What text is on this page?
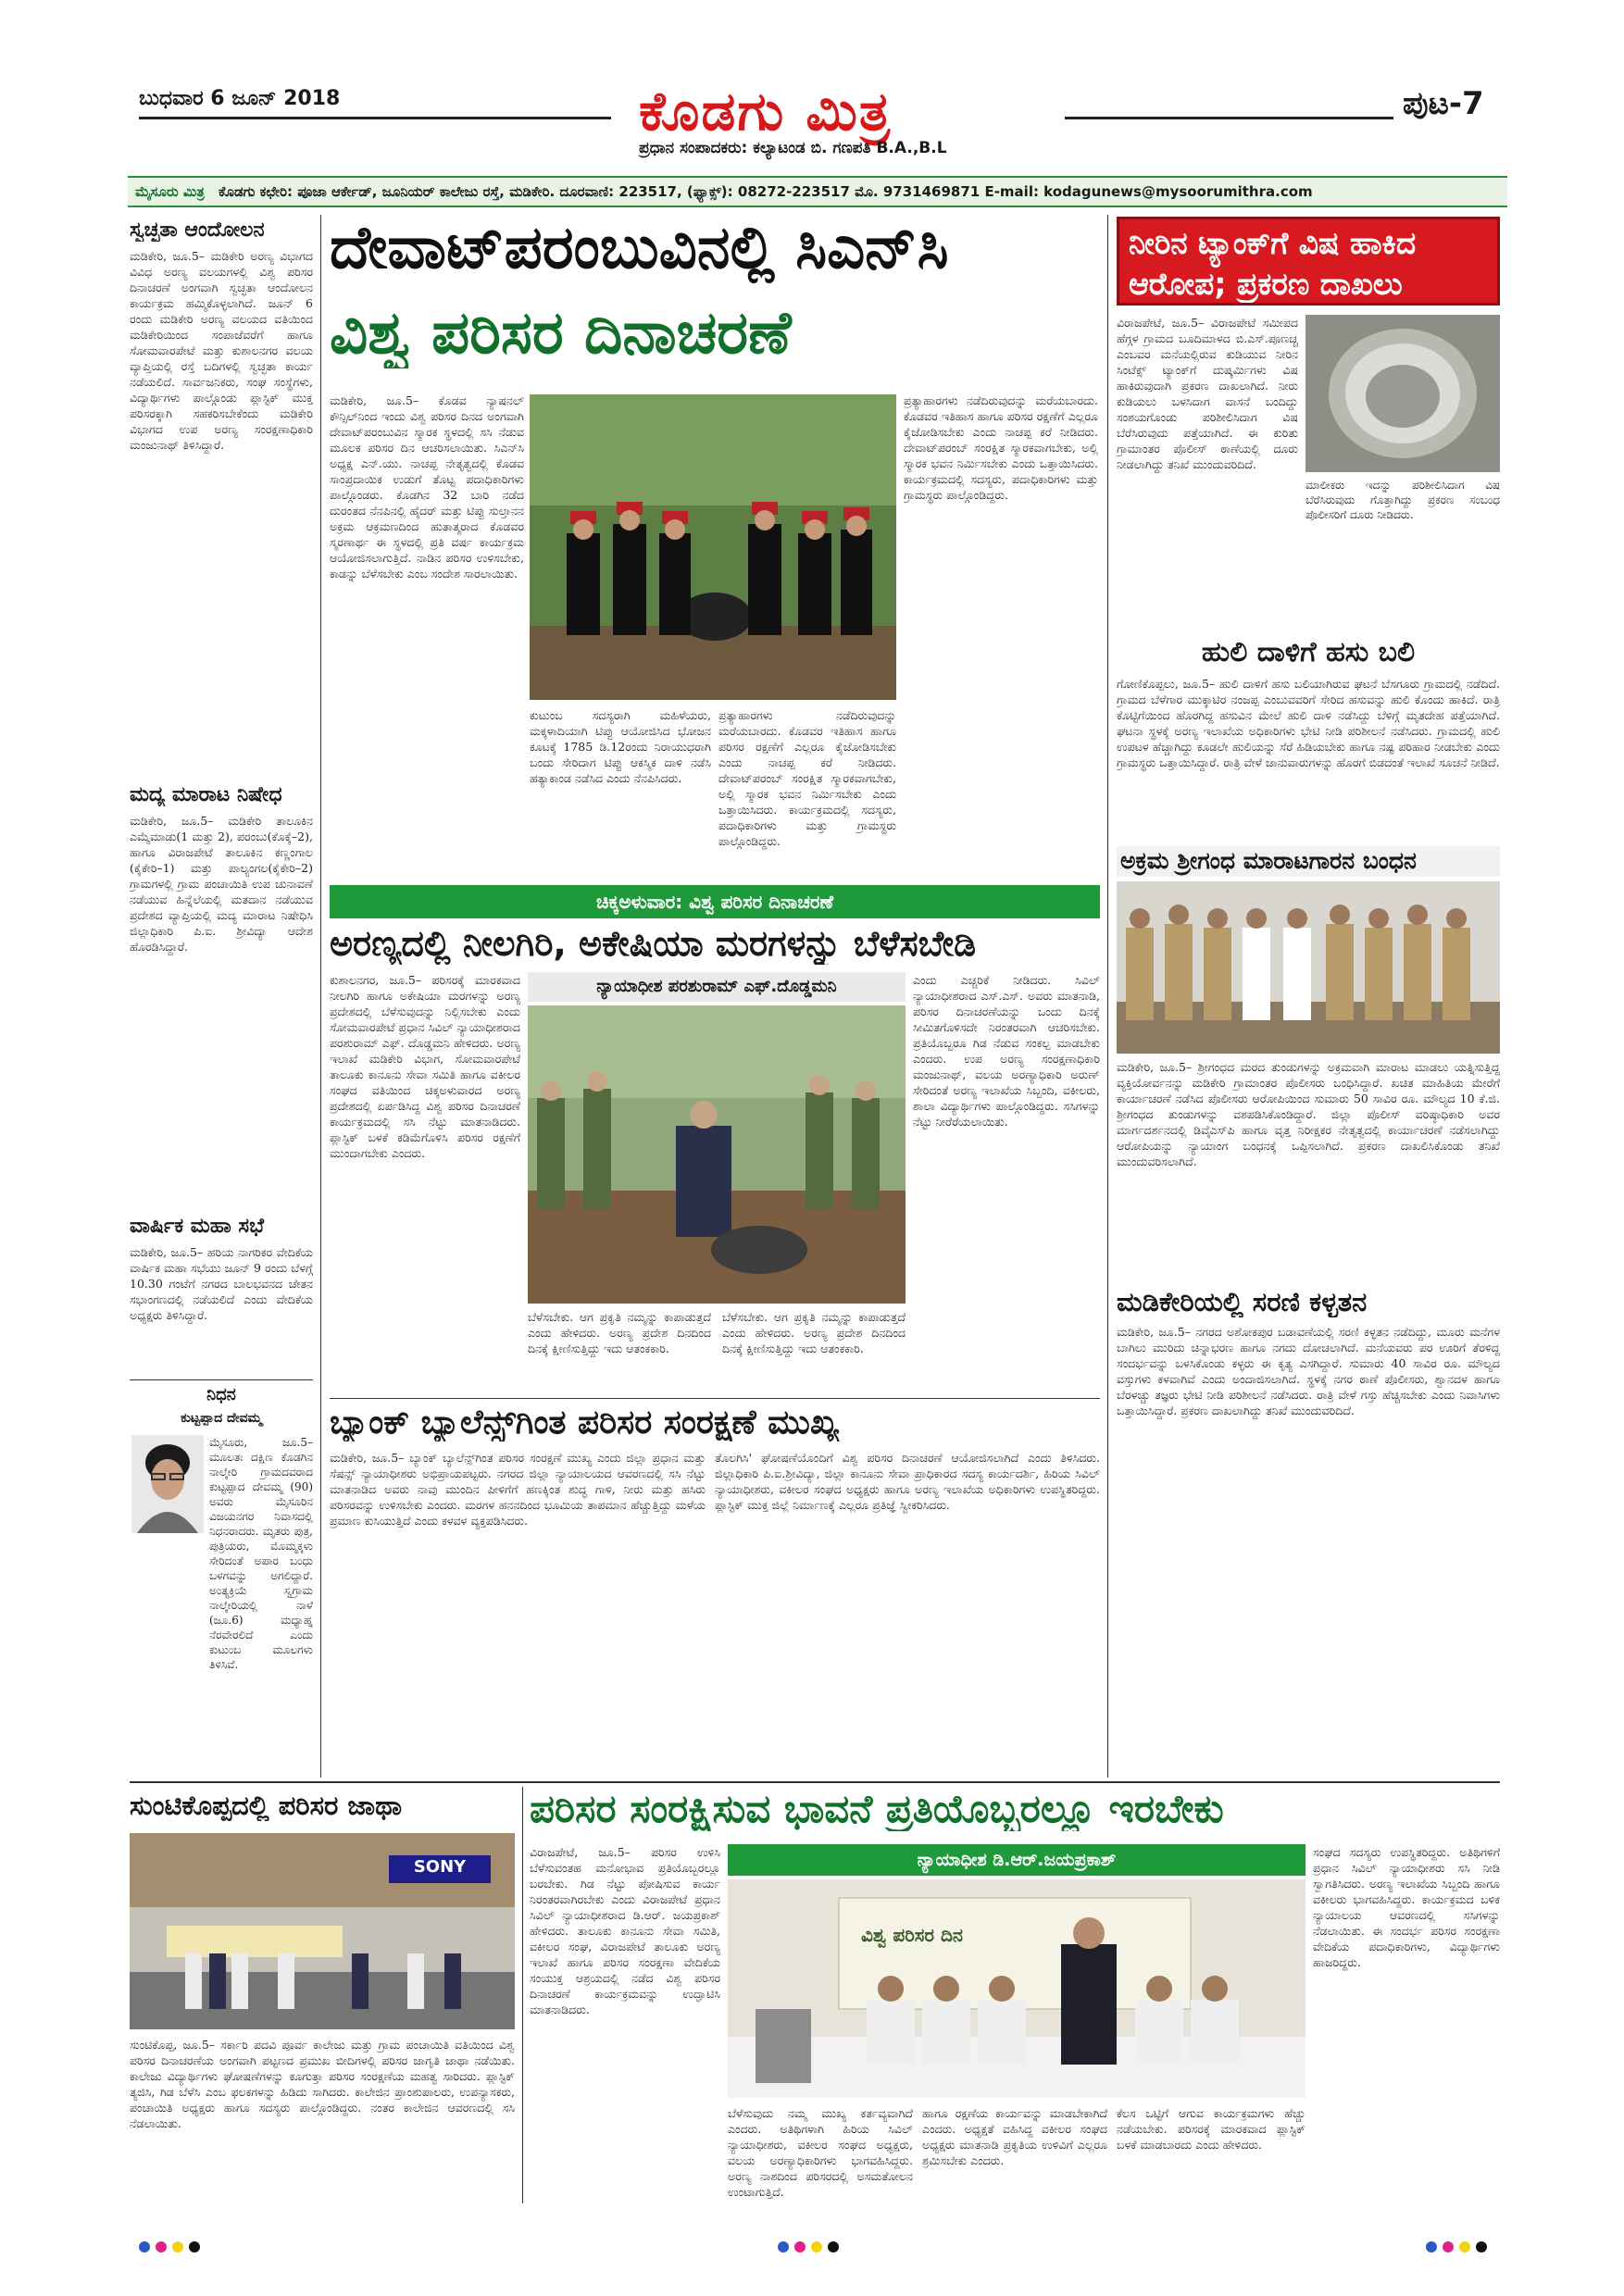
ಬುಧವಾರ 6 ಜೂನ್ 2018	ಕೊಡಗು ಮಿತ್ರ
ಪ್ರಧಾನ ಸಂಪಾದಕರು: ಕಲ್ಯಾಟಂಡ ಬಿ. ಗಣಪತಿ B.A.,B.L
ಪುಟ-7
ಮೈಸೂರು ಮಿತ್ರ ಕೊಡಗು ಕಛೇರಿ: ಪೂಜಾ ಆರ್ಕೇಡ್, ಜೂನಿಯರ್ ಕಾಲೇಜು ರಸ್ತೆ, ಮಡಿಕೇರಿ. ದೂರವಾಣಿ: 223517, (ಫ್ಯಾಕ್ಸ್): 08272-223517 ಮೊ. 9731469871 E-mail: kodagunews@mysoorumithra.com
ಸ್ವಚ್ಛತಾ ಆಂದೋಲನ
ಮಡಿಕೇರಿ, ಜೂ.5– ಮಡಿಕೇರಿ ಅರಣ್ಯ ವಿಭಾಗದ ವಿವಿಧ ಅರಣ್ಯ ವಲಯಗಳಲ್ಲಿ ವಿಶ್ವ ಪರಿಸರ ದಿನಾಚರಣೆ ಅಂಗವಾಗಿ ಸ್ವಚ್ಛತಾ ಆಂದೋಲನ ಕಾರ್ಯಕ್ರಮ ಹಮ್ಮಿಕೊಳ್ಳಲಾಗಿದೆ. ಜೂನ್ 6 ರಂದು ಮಡಿಕೇರಿ ಅರಣ್ಯ ವಲಯದ ವತಿಯಿಂದ ಮಡಿಕೇರಿಯಿಂದ ಸಂಪಾಜೆವರೆಗೆ ಹಾಗೂ ಸೋಮವಾರಪೇಟೆ ಮತ್ತು ಕುಶಾಲನಗರ ವಲಯ ವ್ಯಾಪ್ತಿಯಲ್ಲಿ ರಸ್ತೆ ಬದಿಗಳಲ್ಲಿ ಸ್ವಚ್ಛತಾ ಕಾರ್ಯ ನಡೆಯಲಿದೆ. ಸಾರ್ವಜನಿಕರು, ಸಂಘ ಸಂಸ್ಥೆಗಳು, ವಿದ್ಯಾರ್ಥಿಗಳು ಪಾಲ್ಗೊಂಡು ಪ್ಲಾಸ್ಟಿಕ್ ಮುಕ್ತ ಪರಿಸರಕ್ಕಾಗಿ ಸಹಕರಿಸಬೇಕೆಂದು ಮಡಿಕೇರಿ ವಿಭಾಗದ ಉಪ ಅರಣ್ಯ ಸಂರಕ್ಷಣಾಧಿಕಾರಿ ಮಂಜುನಾಥ್ ತಿಳಿಸಿದ್ದಾರೆ.
ಮದ್ಯ ಮಾರಾಟ ನಿಷೇಧ
ಮಡಿಕೇರಿ, ಜೂ.5– ಮಡಿಕೇರಿ ತಾಲೂಕಿನ ಎಮ್ಮೆಮಾಡು(1 ಮತ್ತು 2), ಪರಂಬು(ಕೊಕ್ಕೆ–2), ಹಾಗೂ ವಿರಾಜಪೇಟೆ ತಾಲೂಕಿನ ಕಣ್ಣಂಗಾಲ (ಕೈಕೇರಿ–1) ಮತ್ತು ಪಾಲ್ಯಂಗಲ(ಕೈಕೇರಿ–2) ಗ್ರಾಮಗಳಲ್ಲಿ ಗ್ರಾಮ ಪಂಚಾಯಿತಿ ಉಪ ಚುನಾವಣೆ ನಡೆಯುವ ಹಿನ್ನೆಲೆಯಲ್ಲಿ ಮತದಾನ ನಡೆಯುವ ಪ್ರದೇಶದ ವ್ಯಾಪ್ತಿಯಲ್ಲಿ ಮದ್ಯ ಮಾರಾಟ ನಿಷೇಧಿಸಿ ಜಿಲ್ಲಾಧಿಕಾರಿ ಪಿ.ಐ. ಶ್ರೀವಿದ್ಯಾ ಆದೇಶ ಹೊರಡಿಸಿದ್ದಾರೆ.
ವಾರ್ಷಿಕ ಮಹಾ ಸಭೆ
ಮಡಿಕೇರಿ, ಜೂ.5– ಹರಿಯ ನಾಗರಿಕರ ವೇದಿಕೆಯ ವಾರ್ಷಿಕ ಮಹಾ ಸಭೆಯು ಜೂನ್ 9 ರಂದು ಬೆಳಗ್ಗೆ 10.30 ಗಂಟೆಗೆ ನಗರದ ಬಾಲಭವನದ ಚೇತನ ಸಭಾಂಗಣದಲ್ಲಿ ನಡೆಯಲಿದೆ ಎಂದು ವೇದಿಕೆಯ ಅಧ್ಯಕ್ಷರು ತಿಳಿಸಿದ್ದಾರೆ.
ನಿಧನ
ಕುಟ್ಟಪ್ಪಾದ ದೇವಮ್ಮ
ಮೈಸೂರು, ಜೂ.5– ಮೂಲತಃ ದಕ್ಷಿಣ ಕೊಡಗಿನ ನಾಲ್ಕೇರಿ ಗ್ರಾಮದವರಾದ ಕುಟ್ಟಪ್ಪಾದ ದೇವಮ್ಮ (90) ಅವರು ಮೈಸೂರಿನ ವಿಜಯನಗರ ನಿವಾಸದಲ್ಲಿ ನಿಧನರಾದರು. ಮೃತರು ಪುತ್ರ, ಪುತ್ರಿಯರು, ಮೊಮ್ಮಕ್ಕಳು ಸೇರಿದಂತೆ ಅಪಾರ ಬಂಧು ಬಳಗವನ್ನು ಅಗಲಿದ್ದಾರೆ. ಅಂತ್ಯಕ್ರಿಯೆ ಸ್ವಗ್ರಾಮ ನಾಲ್ಕೇರಿಯಲ್ಲಿ ನಾಳೆ (ಜೂ.6) ಮಧ್ಯಾಹ್ನ ನೆರವೇರಲಿದೆ ಎಂದು ಕುಟುಂಬ ಮೂಲಗಳು ತಿಳಿಸಿವೆ.
ದೇವಾಟ್‌ಪರಂಬುವಿನಲ್ಲಿ ಸಿಎನ್‌ಸಿ
ವಿಶ್ವ ಪರಿಸರ ದಿನಾಚರಣೆ
ಮಡಿಕೇರಿ, ಜೂ.5– ಕೊಡವ ನ್ಯಾಷನಲ್ ಕೌನ್ಸಿಲ್‌ನಿಂದ ಇಂದು ವಿಶ್ವ ಪರಿಸರ ದಿನದ ಅಂಗವಾಗಿ ದೇವಾಟ್‌ಪರಂಬುವಿನ ಸ್ಮಾರಕ ಸ್ಥಳದಲ್ಲಿ ಸಸಿ ನೆಡುವ ಮೂಲಕ ಪರಿಸರ ದಿನ ಆಚರಿಸಲಾಯಿತು. ಸಿಎನ್‌ಸಿ ಅಧ್ಯಕ್ಷ ಎನ್.ಯು. ನಾಚಪ್ಪ ನೇತೃತ್ವದಲ್ಲಿ ಕೊಡವ ಸಾಂಪ್ರದಾಯಿಕ ಉಡುಗೆ ತೊಟ್ಟ ಪದಾಧಿಕಾರಿಗಳು ಪಾಲ್ಗೊಂಡರು. ಕೊಡಗಿನ 32 ಬಾರಿ ನಡೆದ ದುರಂತದ ನೆನಪಿನಲ್ಲಿ ಹೈದರ್ ಮತ್ತು ಟಿಪ್ಪು ಸುಲ್ತಾನನ ಅಕ್ರಮ ಆಕ್ರಮಣದಿಂದ ಹುತಾತ್ಮರಾದ ಕೊಡವರ ಸ್ಮರಣಾರ್ಥ ಈ ಸ್ಥಳದಲ್ಲಿ ಪ್ರತಿ ವರ್ಷ ಕಾರ್ಯಕ್ರಮ ಆಯೋಜಿಸಲಾಗುತ್ತಿದೆ. ನಾಡಿನ ಪರಿಸರ ಉಳಿಸಬೇಕು, ಕಾಡನ್ನು ಬೆಳೆಸಬೇಕು ಎಂಬ ಸಂದೇಶ ಸಾರಲಾಯಿತು.
ಕುಟುಂಬ ಸದಸ್ಯರಾಗಿ ಮಹಿಳೆಯರು, ಮಕ್ಕಳಾದಿಯಾಗಿ ಟಿಪ್ಪು ಆಯೋಜಿಸಿದ ಭೋಜನ ಕೂಟಕ್ಕೆ 1785 ಡಿ.12ರಂದು ನಿರಾಯುಧರಾಗಿ ಬಂದು ಸೇರಿದಾಗ ಟಿಪ್ಪು ಆಕಸ್ಮಿಕ ದಾಳಿ ನಡೆಸಿ ಹತ್ಯಾಕಾಂಡ ನಡೆಸಿದ ಎಂದು ನೆನಪಿಸಿದರು.
ಪ್ರತ್ಯಾಹಾರಗಳು ನಡೆದಿರುವುದನ್ನು ಮರೆಯಬಾರದು. ಕೊಡವರ ಇತಿಹಾಸ ಹಾಗೂ ಪರಿಸರ ರಕ್ಷಣೆಗೆ ಎಲ್ಲರೂ ಕೈಜೋಡಿಸಬೇಕು ಎಂದು ನಾಚಪ್ಪ ಕರೆ ನೀಡಿದರು. ದೇವಾಟ್‌ಪರಂಬ್ ಸಂರಕ್ಷಿತ ಸ್ಮಾರಕವಾಗಬೇಕು, ಅಲ್ಲಿ ಸ್ಮಾರಕ ಭವನ ನಿರ್ಮಿಸಬೇಕು ಎಂದು ಒತ್ತಾಯಿಸಿದರು. ಕಾರ್ಯಕ್ರಮದಲ್ಲಿ ಸದಸ್ಯರು, ಪದಾಧಿಕಾರಿಗಳು ಮತ್ತು ಗ್ರಾಮಸ್ಥರು ಪಾಲ್ಗೊಂಡಿದ್ದರು.
ಪ್ರತ್ಯಾಹಾರಗಳು ನಡೆದಿರುವುದನ್ನು ಮರೆಯಬಾರದು. ಕೊಡವರ ಇತಿಹಾಸ ಹಾಗೂ ಪರಿಸರ ರಕ್ಷಣೆಗೆ ಎಲ್ಲರೂ ಕೈಜೋಡಿಸಬೇಕು ಎಂದು ನಾಚಪ್ಪ ಕರೆ ನೀಡಿದರು. ದೇವಾಟ್‌ಪರಂಬ್ ಸಂರಕ್ಷಿತ ಸ್ಮಾರಕವಾಗಬೇಕು, ಅಲ್ಲಿ ಸ್ಮಾರಕ ಭವನ ನಿರ್ಮಿಸಬೇಕು ಎಂದು ಒತ್ತಾಯಿಸಿದರು. ಕಾರ್ಯಕ್ರಮದಲ್ಲಿ ಸದಸ್ಯರು, ಪದಾಧಿಕಾರಿಗಳು ಮತ್ತು ಗ್ರಾಮಸ್ಥರು ಪಾಲ್ಗೊಂಡಿದ್ದರು.
ಚಿಕ್ಕಅಳುವಾರ: ವಿಶ್ವ ಪರಿಸರ ದಿನಾಚರಣೆ
ಅರಣ್ಯದಲ್ಲಿ ನೀಲಗಿರಿ, ಅಕೇಷಿಯಾ ಮರಗಳನ್ನು ಬೆಳೆಸಬೇಡಿ
ಕುಶಾಲನಗರ, ಜೂ.5– ಪರಿಸರಕ್ಕೆ ಮಾರಕವಾದ ನೀಲಗಿರಿ ಹಾಗೂ ಅಕೇಷಿಯಾ ಮರಗಳನ್ನು ಅರಣ್ಯ ಪ್ರದೇಶದಲ್ಲಿ ಬೆಳೆಸುವುದನ್ನು ನಿಲ್ಲಿಸಬೇಕು ಎಂದು ಸೋಮವಾರಪೇಟೆ ಪ್ರಧಾನ ಸಿವಿಲ್ ನ್ಯಾಯಾಧೀಶರಾದ ಪರಶುರಾಮ್ ಎಫ್. ದೊಡ್ಡಮನಿ ಹೇಳಿದರು. ಅರಣ್ಯ ಇಲಾಖೆ ಮಡಿಕೇರಿ ವಿಭಾಗ, ಸೋಮವಾರಪೇಟೆ ತಾಲೂಕು ಕಾನೂನು ಸೇವಾ ಸಮಿತಿ ಹಾಗೂ ವಕೀಲರ ಸಂಘದ ವತಿಯಿಂದ ಚಿಕ್ಕಅಳುವಾರದ ಅರಣ್ಯ ಪ್ರದೇಶದಲ್ಲಿ ಏರ್ಪಡಿಸಿದ್ದ ವಿಶ್ವ ಪರಿಸರ ದಿನಾಚರಣೆ ಕಾರ್ಯಕ್ರಮದಲ್ಲಿ ಸಸಿ ನೆಟ್ಟು ಮಾತನಾಡಿದರು. ಪ್ಲಾಸ್ಟಿಕ್ ಬಳಕೆ ಕಡಿಮೆಗೊಳಿಸಿ ಪರಿಸರ ರಕ್ಷಣೆಗೆ ಮುಂದಾಗಬೇಕು ಎಂದರು.
ನ್ಯಾಯಾಧೀಶ ಪರಶುರಾಮ್ ಎಫ್.ದೊಡ್ಡಮನಿ
ಬೆಳೆಸಬೇಕು. ಆಗ ಪ್ರಕೃತಿ ನಮ್ಮನ್ನು ಕಾಪಾಡುತ್ತದೆ ಎಂದು ಹೇಳಿದರು. ಅರಣ್ಯ ಪ್ರದೇಶ ದಿನದಿಂದ ದಿನಕ್ಕೆ ಕ್ಷೀಣಿಸುತ್ತಿದ್ದು ಇದು ಆತಂಕಕಾರಿ.
ಬೆಳೆಸಬೇಕು. ಆಗ ಪ್ರಕೃತಿ ನಮ್ಮನ್ನು ಕಾಪಾಡುತ್ತದೆ ಎಂದು ಹೇಳಿದರು. ಅರಣ್ಯ ಪ್ರದೇಶ ದಿನದಿಂದ ದಿನಕ್ಕೆ ಕ್ಷೀಣಿಸುತ್ತಿದ್ದು ಇದು ಆತಂಕಕಾರಿ.
ಎಂದು ಎಚ್ಚರಿಕೆ ನೀಡಿದರು. ಸಿವಿಲ್ ನ್ಯಾಯಾಧೀಶರಾದ ಎಸ್.ಎಸ್. ಅವರು ಮಾತನಾಡಿ, ಪರಿಸರ ದಿನಾಚರಣೆಯನ್ನು ಒಂದು ದಿನಕ್ಕೆ ಸೀಮಿತಗೊಳಿಸದೇ ನಿರಂತರವಾಗಿ ಆಚರಿಸಬೇಕು. ಪ್ರತಿಯೊಬ್ಬರೂ ಗಿಡ ನೆಡುವ ಸಂಕಲ್ಪ ಮಾಡಬೇಕು ಎಂದರು. ಉಪ ಅರಣ್ಯ ಸಂರಕ್ಷಣಾಧಿಕಾರಿ ಮಂಜುನಾಥ್, ವಲಯ ಅರಣ್ಯಾಧಿಕಾರಿ ಅರುಣ್ ಸೇರಿದಂತೆ ಅರಣ್ಯ ಇಲಾಖೆಯ ಸಿಬ್ಬಂದಿ, ವಕೀಲರು, ಶಾಲಾ ವಿದ್ಯಾರ್ಥಿಗಳು ಪಾಲ್ಗೊಂಡಿದ್ದರು. ಸಸಿಗಳನ್ನು ನೆಟ್ಟು ನೀರೆರೆಯಲಾಯಿತು.
ಬ್ಯಾಂಕ್ ಬ್ಯಾಲೆನ್ಸ್‌ಗಿಂತ ಪರಿಸರ ಸಂರಕ್ಷಣೆ ಮುಖ್ಯ
ಮಡಿಕೇರಿ, ಜೂ.5– ಬ್ಯಾಂಕ್ ಬ್ಯಾಲೆನ್ಸ್‌ಗಿಂತ ಪರಿಸರ ಸಂರಕ್ಷಣೆ ಮುಖ್ಯ ಎಂದು ಜಿಲ್ಲಾ ಪ್ರಧಾನ ಮತ್ತು ಸೆಷನ್ಸ್ ನ್ಯಾಯಾಧೀಶರು ಅಭಿಪ್ರಾಯಪಟ್ಟರು. ನಗರದ ಜಿಲ್ಲಾ ನ್ಯಾಯಾಲಯದ ಆವರಣದಲ್ಲಿ ಸಸಿ ನೆಟ್ಟು ಮಾತನಾಡಿದ ಅವರು ನಾವು ಮುಂದಿನ ಪೀಳಿಗೆಗೆ ಹಣಕ್ಕಿಂತ ಶುದ್ಧ ಗಾಳಿ, ನೀರು ಮತ್ತು ಹಸಿರು ಪರಿಸರವನ್ನು ಉಳಿಸಬೇಕು ಎಂದರು. ಮರಗಳ ಹನನದಿಂದ ಭೂಮಿಯ ತಾಪಮಾನ ಹೆಚ್ಚುತ್ತಿದ್ದು ಮಳೆಯ ಪ್ರಮಾಣ ಕುಸಿಯುತ್ತಿದೆ ಎಂದು ಕಳವಳ ವ್ಯಕ್ತಪಡಿಸಿದರು.
ತೊಲಗಿಸಿ' ಘೋಷಣೆಯೊಂದಿಗೆ ವಿಶ್ವ ಪರಿಸರ ದಿನಾಚರಣೆ ಆಯೋಜಿಸಲಾಗಿದೆ ಎಂದು ತಿಳಿಸಿದರು. ಜಿಲ್ಲಾಧಿಕಾರಿ ಪಿ.ಐ.ಶ್ರೀವಿದ್ಯಾ, ಜಿಲ್ಲಾ ಕಾನೂನು ಸೇವಾ ಪ್ರಾಧಿಕಾರದ ಸದಸ್ಯ ಕಾರ್ಯದರ್ಶಿ, ಹಿರಿಯ ಸಿವಿಲ್ ನ್ಯಾಯಾಧೀಶರು, ವಕೀಲರ ಸಂಘದ ಅಧ್ಯಕ್ಷರು ಹಾಗೂ ಅರಣ್ಯ ಇಲಾಖೆಯ ಅಧಿಕಾರಿಗಳು ಉಪಸ್ಥಿತರಿದ್ದರು. ಪ್ಲಾಸ್ಟಿಕ್ ಮುಕ್ತ ಜಿಲ್ಲೆ ನಿರ್ಮಾಣಕ್ಕೆ ಎಲ್ಲರೂ ಪ್ರತಿಜ್ಞೆ ಸ್ವೀಕರಿಸಿದರು.
ನೀರಿನ ಟ್ಯಾಂಕ್‌ಗೆ ವಿಷ ಹಾಕಿದ ಆರೋಪ; ಪ್ರಕರಣ ದಾಖಲು
ವಿರಾಜಪೇಟೆ, ಜೂ.5– ವಿರಾಜಪೇಟೆ ಸಮೀಪದ ಹೆಗ್ಗಳ ಗ್ರಾಮದ ಬೂದಿಮಾಳದ ಬಿ.ಎಸ್.ಪೂಣಚ್ಚ ಎಂಬವರ ಮನೆಯಲ್ಲಿರುವ ಕುಡಿಯುವ ನೀರಿನ ಸಿಂಟೆಕ್ಸ್ ಟ್ಯಾಂಕ್‌ಗೆ ದುಷ್ಕರ್ಮಿಗಳು ವಿಷ ಹಾಕಿರುವುದಾಗಿ ಪ್ರಕರಣ ದಾಖಲಾಗಿದೆ. ನೀರು ಕುಡಿಯಲು ಬಳಸಿದಾಗ ವಾಸನೆ ಬಂದಿದ್ದು ಸಂಶಯಗೊಂಡು ಪರಿಶೀಲಿಸಿದಾಗ ವಿಷ ಬೆರೆಸಿರುವುದು ಪತ್ತೆಯಾಗಿದೆ. ಈ ಕುರಿತು ಗ್ರಾಮಾಂತರ ಪೊಲೀಸ್ ಠಾಣೆಯಲ್ಲಿ ದೂರು ನೀಡಲಾಗಿದ್ದು ತನಿಖೆ ಮುಂದುವರಿದಿದೆ.
ಮಾಲೀಕರು ಇದನ್ನು ಪರಿಶೀಲಿಸಿದಾಗ ವಿಷ ಬೆರೆಸಿರುವುದು ಗೊತ್ತಾಗಿದ್ದು ಪ್ರಕರಣ ಸಂಬಂಧ ಪೊಲೀಸರಿಗೆ ದೂರು ನೀಡಿದರು.
ಹುಲಿ ದಾಳಿಗೆ ಹಸು ಬಲಿ
ಗೋಣಿಕೊಪ್ಪಲು, ಜೂ.5– ಹುಲಿ ದಾಳಿಗೆ ಹಸು ಬಲಿಯಾಗಿರುವ ಘಟನೆ ಬೆಸಗೂರು ಗ್ರಾಮದಲ್ಲಿ ನಡೆದಿದೆ. ಗ್ರಾಮದ ಬೆಳೆಗಾರ ಮುಕ್ಕಾಟಿರ ನಂಜಪ್ಪ ಎಂಬುವವರಿಗೆ ಸೇರಿದ ಹಸುವನ್ನು ಹುಲಿ ಕೊಂದು ಹಾಕಿದೆ. ರಾತ್ರಿ ಕೊಟ್ಟಿಗೆಯಿಂದ ಹೊರಗಿದ್ದ ಹಸುವಿನ ಮೇಲೆ ಹುಲಿ ದಾಳಿ ನಡೆಸಿದ್ದು ಬೆಳಿಗ್ಗೆ ಮೃತದೇಹ ಪತ್ತೆಯಾಗಿದೆ. ಘಟನಾ ಸ್ಥಳಕ್ಕೆ ಅರಣ್ಯ ಇಲಾಖೆಯ ಅಧಿಕಾರಿಗಳು ಭೇಟಿ ನೀಡಿ ಪರಿಶೀಲನೆ ನಡೆಸಿದರು. ಗ್ರಾಮದಲ್ಲಿ ಹುಲಿ ಉಪಟಳ ಹೆಚ್ಚಾಗಿದ್ದು ಕೂಡಲೇ ಹುಲಿಯನ್ನು ಸೆರೆ ಹಿಡಿಯಬೇಕು ಹಾಗೂ ನಷ್ಟ ಪರಿಹಾರ ನೀಡಬೇಕು ಎಂದು ಗ್ರಾಮಸ್ಥರು ಒತ್ತಾಯಿಸಿದ್ದಾರೆ. ರಾತ್ರಿ ವೇಳೆ ಜಾನುವಾರುಗಳನ್ನು ಹೊರಗೆ ಬಿಡದಂತೆ ಇಲಾಖೆ ಸೂಚನೆ ನೀಡಿದೆ.
ಅಕ್ರಮ ಶ್ರೀಗಂಧ ಮಾರಾಟಗಾರನ ಬಂಧನ
ಮಡಿಕೇರಿ, ಜೂ.5– ಶ್ರೀಗಂಧದ ಮರದ ತುಂಡುಗಳನ್ನು ಅಕ್ರಮವಾಗಿ ಮಾರಾಟ ಮಾಡಲು ಯತ್ನಿಸುತ್ತಿದ್ದ ವ್ಯಕ್ತಿಯೋರ್ವನನ್ನು ಮಡಿಕೇರಿ ಗ್ರಾಮಾಂತರ ಪೊಲೀಸರು ಬಂಧಿಸಿದ್ದಾರೆ. ಖಚಿತ ಮಾಹಿತಿಯ ಮೇರೆಗೆ ಕಾರ್ಯಾಚರಣೆ ನಡೆಸಿದ ಪೊಲೀಸರು ಆರೋಪಿಯಿಂದ ಸುಮಾರು 50 ಸಾವಿರ ರೂ. ಮೌಲ್ಯದ 10 ಕೆ.ಜಿ. ಶ್ರೀಗಂಧದ ತುಂಡುಗಳನ್ನು ವಶಪಡಿಸಿಕೊಂಡಿದ್ದಾರೆ. ಜಿಲ್ಲಾ ಪೊಲೀಸ್ ವರಿಷ್ಠಾಧಿಕಾರಿ ಅವರ ಮಾರ್ಗದರ್ಶನದಲ್ಲಿ ಡಿವೈಎಸ್‌ಪಿ ಹಾಗೂ ವೃತ್ತ ನಿರೀಕ್ಷಕರ ನೇತೃತ್ವದಲ್ಲಿ ಕಾರ್ಯಾಚರಣೆ ನಡೆಸಲಾಗಿದ್ದು ಆರೋಪಿಯನ್ನು ನ್ಯಾಯಾಂಗ ಬಂಧನಕ್ಕೆ ಒಪ್ಪಿಸಲಾಗಿದೆ. ಪ್ರಕರಣ ದಾಖಲಿಸಿಕೊಂಡು ತನಿಖೆ ಮುಂದುವರಿಸಲಾಗಿದೆ.
ಮಡಿಕೇರಿಯಲ್ಲಿ ಸರಣಿ ಕಳ್ಳತನ
ಮಡಿಕೇರಿ, ಜೂ.5– ನಗರದ ಅಶೋಕಪುರ ಬಡಾವಣೆಯಲ್ಲಿ ಸರಣಿ ಕಳ್ಳತನ ನಡೆದಿದ್ದು, ಮೂರು ಮನೆಗಳ ಬಾಗಿಲು ಮುರಿದು ಚಿನ್ನಾಭರಣ ಹಾಗೂ ನಗದು ದೋಚಲಾಗಿದೆ. ಮನೆಯವರು ಪರ ಊರಿಗೆ ತೆರಳಿದ್ದ ಸಂದರ್ಭವನ್ನು ಬಳಸಿಕೊಂಡು ಕಳ್ಳರು ಈ ಕೃತ್ಯ ಎಸಗಿದ್ದಾರೆ. ಸುಮಾರು 40 ಸಾವಿರ ರೂ. ಮೌಲ್ಯದ ವಸ್ತುಗಳು ಕಳವಾಗಿವೆ ಎಂದು ಅಂದಾಜಿಸಲಾಗಿದೆ. ಸ್ಥಳಕ್ಕೆ ನಗರ ಠಾಣೆ ಪೊಲೀಸರು, ಶ್ವಾನದಳ ಹಾಗೂ ಬೆರಳಚ್ಚು ತಜ್ಞರು ಭೇಟಿ ನೀಡಿ ಪರಿಶೀಲನೆ ನಡೆಸಿದರು. ರಾತ್ರಿ ವೇಳೆ ಗಸ್ತು ಹೆಚ್ಚಿಸಬೇಕು ಎಂದು ನಿವಾಸಿಗಳು ಒತ್ತಾಯಿಸಿದ್ದಾರೆ. ಪ್ರಕರಣ ದಾಖಲಾಗಿದ್ದು ತನಿಖೆ ಮುಂದುವರಿದಿದೆ.
ಸುಂಟಿಕೊಪ್ಪದಲ್ಲಿ ಪರಿಸರ ಜಾಥಾ
SONY
ಸುಂಟಿಕೊಪ್ಪ, ಜೂ.5– ಸರ್ಕಾರಿ ಪದವಿ ಪೂರ್ವ ಕಾಲೇಜು ಮತ್ತು ಗ್ರಾಮ ಪಂಚಾಯಿತಿ ವತಿಯಿಂದ ವಿಶ್ವ ಪರಿಸರ ದಿನಾಚರಣೆಯ ಅಂಗವಾಗಿ ಪಟ್ಟಣದ ಪ್ರಮುಖ ಬೀದಿಗಳಲ್ಲಿ ಪರಿಸರ ಜಾಗೃತಿ ಜಾಥಾ ನಡೆಯಿತು. ಕಾಲೇಜು ವಿದ್ಯಾರ್ಥಿಗಳು ಘೋಷಣೆಗಳನ್ನು ಕೂಗುತ್ತಾ ಪರಿಸರ ಸಂರಕ್ಷಣೆಯ ಮಹತ್ವ ಸಾರಿದರು. ಪ್ಲಾಸ್ಟಿಕ್ ತ್ಯಜಿಸಿ, ಗಿಡ ಬೆಳೆಸಿ ಎಂಬ ಫಲಕಗಳನ್ನು ಹಿಡಿದು ಸಾಗಿದರು. ಕಾಲೇಜಿನ ಪ್ರಾಂಶುಪಾಲರು, ಉಪನ್ಯಾಸಕರು, ಪಂಚಾಯಿತಿ ಅಧ್ಯಕ್ಷರು ಹಾಗೂ ಸದಸ್ಯರು ಪಾಲ್ಗೊಂಡಿದ್ದರು. ನಂತರ ಕಾಲೇಜಿನ ಆವರಣದಲ್ಲಿ ಸಸಿ ನೆಡಲಾಯಿತು.
ಪರಿಸರ ಸಂರಕ್ಷಿಸುವ ಭಾವನೆ ಪ್ರತಿಯೊಬ್ಬರಲ್ಲೂ ಇರಬೇಕು
ವಿರಾಜಪೇಟೆ, ಜೂ.5– ಪರಿಸರ ಉಳಿಸಿ ಬೆಳೆಸುವಂತಹ ಮನೋಭಾವ ಪ್ರತಿಯೊಬ್ಬರಲ್ಲೂ ಬರಬೇಕು. ಗಿಡ ನೆಟ್ಟು ಪೋಷಿಸುವ ಕಾರ್ಯ ನಿರಂತರವಾಗಿರಬೇಕು ಎಂದು ವಿರಾಜಪೇಟೆ ಪ್ರಧಾನ ಸಿವಿಲ್ ನ್ಯಾಯಾಧೀಶರಾದ ಡಿ.ಆರ್. ಜಯಪ್ರಕಾಶ್ ಹೇಳಿದರು. ತಾಲೂಕು ಕಾನೂನು ಸೇವಾ ಸಮಿತಿ, ವಕೀಲರ ಸಂಘ, ವಿರಾಜಪೇಟೆ ತಾಲೂಕು ಅರಣ್ಯ ಇಲಾಖೆ ಹಾಗೂ ಪರಿಸರ ಸಂರಕ್ಷಣಾ ವೇದಿಕೆಯ ಸಂಯುಕ್ತ ಆಶ್ರಯದಲ್ಲಿ ನಡೆದ ವಿಶ್ವ ಪರಿಸರ ದಿನಾಚರಣೆ ಕಾರ್ಯಕ್ರಮವನ್ನು ಉದ್ಘಾಟಿಸಿ ಮಾತನಾಡಿದರು.
ನ್ಯಾಯಾಧೀಶ ಡಿ.ಆರ್.ಜಯಪ್ರಕಾಶ್
ವಿಶ್ವ ಪರಿಸರ ದಿನ
ಬೆಳೆಸುವುದು ನಮ್ಮ ಮುಖ್ಯ ಕರ್ತವ್ಯವಾಗಿದೆ ಎಂದರು. ಅತಿಥಿಗಳಾಗಿ ಹಿರಿಯ ಸಿವಿಲ್ ನ್ಯಾಯಾಧೀಶರು, ವಕೀಲರ ಸಂಘದ ಅಧ್ಯಕ್ಷರು, ವಲಯ ಅರಣ್ಯಾಧಿಕಾರಿಗಳು ಭಾಗವಹಿಸಿದ್ದರು. ಅರಣ್ಯ ನಾಶದಿಂದ ಪರಿಸರದಲ್ಲಿ ಅಸಮತೋಲನ ಉಂಟಾಗುತ್ತಿದೆ.
ಹಾಗೂ ರಕ್ಷಣೆಯ ಕಾರ್ಯವನ್ನು ಮಾಡಬೇಕಾಗಿದೆ ಎಂದರು. ಅಧ್ಯಕ್ಷತೆ ವಹಿಸಿದ್ದ ವಕೀಲರ ಸಂಘದ ಅಧ್ಯಕ್ಷರು ಮಾತನಾಡಿ ಪ್ರಕೃತಿಯ ಉಳಿವಿಗೆ ಎಲ್ಲರೂ ಶ್ರಮಿಸಬೇಕು ಎಂದರು.
ಕೆಲಸ ಒಟ್ಟಿಗೆ ಆಗುವ ಕಾರ್ಯಕ್ರಮಗಳು ಹೆಚ್ಚು ನಡೆಯಬೇಕು. ಪರಿಸರಕ್ಕೆ ಮಾರಕವಾದ ಪ್ಲಾಸ್ಟಿಕ್ ಬಳಕೆ ಮಾಡಬಾರದು ಎಂದು ಹೇಳಿದರು.
ಸಂಘದ ಸದಸ್ಯರು ಉಪಸ್ಥಿತರಿದ್ದರು. ಅತಿಥಿಗಳಿಗೆ ಪ್ರಧಾನ ಸಿವಿಲ್ ನ್ಯಾಯಾಧೀಶರು ಸಸಿ ನೀಡಿ ಸ್ವಾಗತಿಸಿದರು. ಅರಣ್ಯ ಇಲಾಖೆಯ ಸಿಬ್ಬಂದಿ ಹಾಗೂ ವಕೀಲರು ಭಾಗವಹಿಸಿದ್ದರು. ಕಾರ್ಯಕ್ರಮದ ಬಳಿಕ ನ್ಯಾಯಾಲಯ ಆವರಣದಲ್ಲಿ ಸಸಿಗಳನ್ನು ನೆಡಲಾಯಿತು. ಈ ಸಂದರ್ಭ ಪರಿಸರ ಸಂರಕ್ಷಣಾ ವೇದಿಕೆಯ ಪದಾಧಿಕಾರಿಗಳು, ವಿದ್ಯಾರ್ಥಿಗಳು ಹಾಜರಿದ್ದರು.
